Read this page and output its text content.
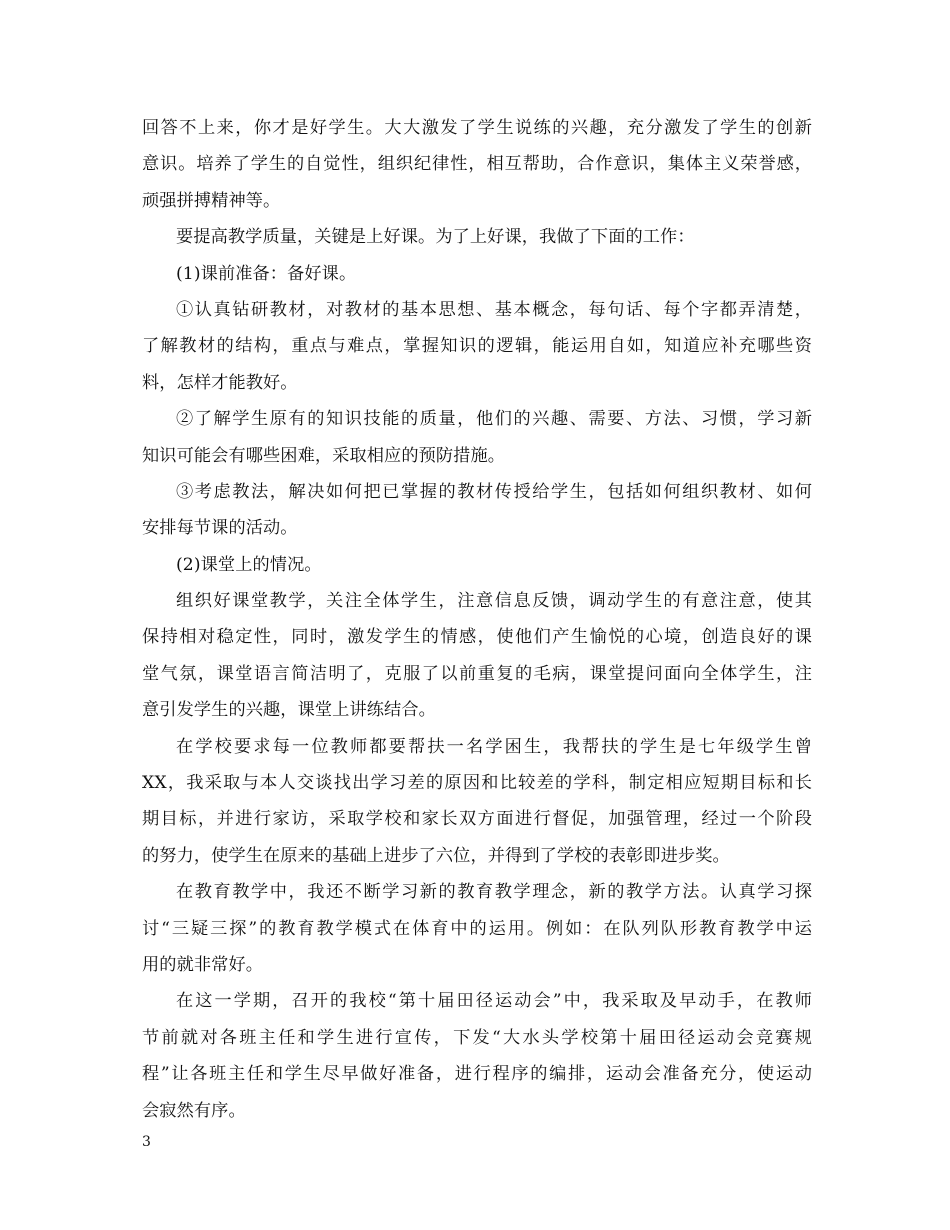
回答不上来，你才是好学生。大大激发了学生说练的兴趣，充分激发了学生的创新
意识。培养了学生的自觉性，组织纪律性，相互帮助，合作意识，集体主义荣誉感，
顽强拼搏精神等。
要提高教学质量，关键是上好课。为了上好课，我做了下面的工作：
(1)课前准备：备好课。
①认真钻研教材，对教材的基本思想、基本概念，每句话、每个字都弄清楚，
了解教材的结构，重点与难点，掌握知识的逻辑，能运用自如，知道应补充哪些资
料，怎样才能教好。
②了解学生原有的知识技能的质量，他们的兴趣、需要、方法、习惯，学习新
知识可能会有哪些困难，采取相应的预防措施。
③考虑教法，解决如何把已掌握的教材传授给学生，包括如何组织教材、如何
安排每节课的活动。
(2)课堂上的情况。
组织好课堂教学，关注全体学生，注意信息反馈，调动学生的有意注意，使其
保持相对稳定性，同时，激发学生的情感，使他们产生愉悦的心境，创造良好的课
堂气氛，课堂语言简洁明了，克服了以前重复的毛病，课堂提问面向全体学生，注
意引发学生的兴趣，课堂上讲练结合。
在学校要求每一位教师都要帮扶一名学困生，我帮扶的学生是七年级学生曾
XX，我采取与本人交谈找出学习差的原因和比较差的学科，制定相应短期目标和长
期目标，并进行家访，采取学校和家长双方面进行督促，加强管理，经过一个阶段
的努力，使学生在原来的基础上进步了六位，并得到了学校的表彰即进步奖。
在教育教学中，我还不断学习新的教育教学理念，新的教学方法。认真学习探
讨“三疑三探”的教育教学模式在体育中的运用。例如：在队列队形教育教学中运
用的就非常好。
在这一学期，召开的我校“第十届田径运动会”中，我采取及早动手，在教师
节前就对各班主任和学生进行宣传，下发“大水头学校第十届田径运动会竞赛规
程”让各班主任和学生尽早做好准备，进行程序的编排，运动会准备充分，使运动
会寂然有序。
3
